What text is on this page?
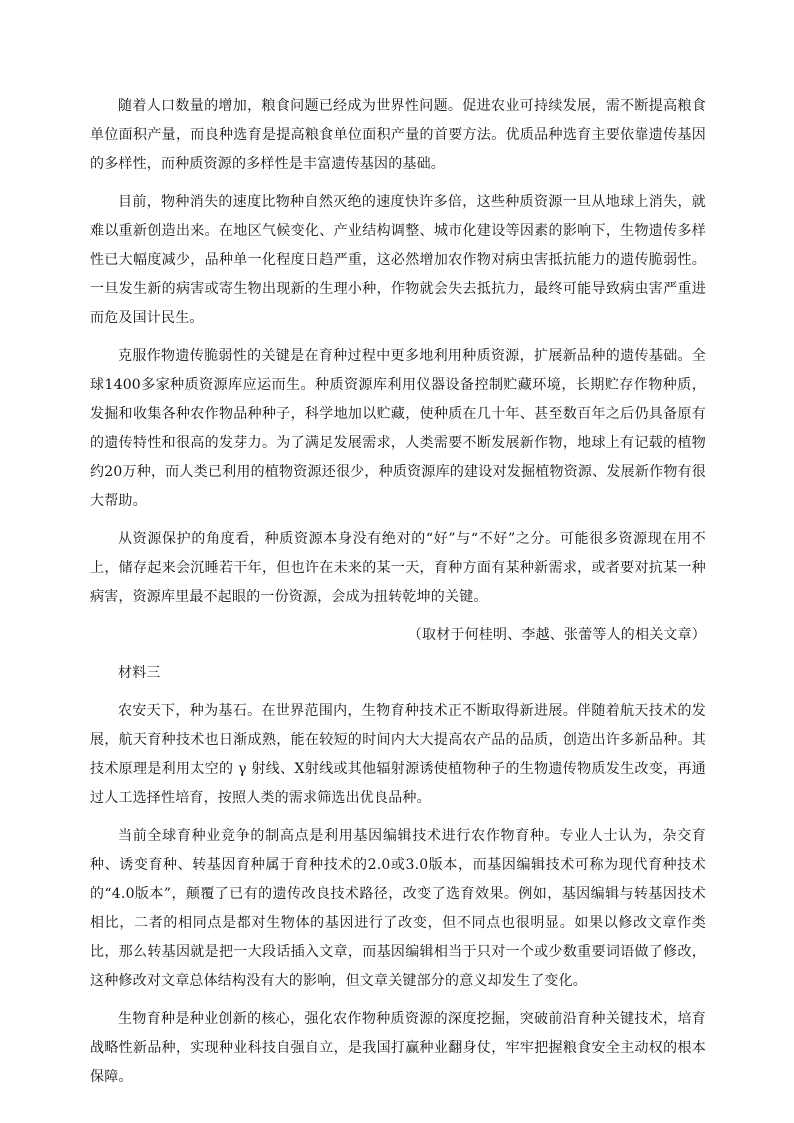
随着人口数量的增加，粮食问题已经成为世界性问题。促进农业可持续发展，需不断提高粮食单位面积产量，而良种选育是提高粮食单位面积产量的首要方法。优质品种选育主要依靠遗传基因的多样性，而种质资源的多样性是丰富遗传基因的基础。

目前，物种消失的速度比物种自然灭绝的速度快许多倍，这些种质资源一旦从地球上消失，就难以重新创造出来。在地区气候变化、产业结构调整、城市化建设等因素的影响下，生物遗传多样性已大幅度减少，品种单一化程度日趋严重，这必然增加农作物对病虫害抵抗能力的遗传脆弱性。一旦发生新的病害或寄生物出现新的生理小种，作物就会失去抵抗力，最终可能导致病虫害严重进而危及国计民生。

克服作物遗传脆弱性的关键是在育种过程中更多地利用种质资源，扩展新品种的遗传基础。全球1400多家种质资源库应运而生。种质资源库利用仪器设备控制贮藏环境，长期贮存作物种质，发掘和收集各种农作物品种种子，科学地加以贮藏，使种质在几十年、甚至数百年之后仍具备原有的遗传特性和很高的发芽力。为了满足发展需求，人类需要不断发展新作物，地球上有记载的植物约20万种，而人类已利用的植物资源还很少，种质资源库的建设对发掘植物资源、发展新作物有很大帮助。

从资源保护的角度看，种质资源本身没有绝对的“好”与“不好”之分。可能很多资源现在用不上，储存起来会沉睡若干年，但也许在未来的某一天，育种方面有某种新需求，或者要对抗某一种病害，资源库里最不起眼的一份资源，会成为扭转乾坤的关键。

（取材于何桂明、李越、张蕾等人的相关文章）

材料三

农安天下，种为基石。在世界范围内，生物育种技术正不断取得新进展。伴随着航天技术的发展，航天育种技术也日渐成熟，能在较短的时间内大大提高农产品的品质，创造出许多新品种。其技术原理是利用太空的 γ 射线、X射线或其他辐射源诱使植物种子的生物遗传物质发生改变，再通过人工选择性培育，按照人类的需求筛选出优良品种。

当前全球育种业竞争的制高点是利用基因编辑技术进行农作物育种。专业人士认为，杂交育种、诱变育种、转基因育种属于育种技术的2.0或3.0版本，而基因编辑技术可称为现代育种技术的“4.0版本”，颠覆了已有的遗传改良技术路径，改变了选育效果。例如，基因编辑与转基因技术相比，二者的相同点是都对生物体的基因进行了改变，但不同点也很明显。如果以修改文章作类比，那么转基因就是把一大段话插入文章，而基因编辑相当于只对一个或少数重要词语做了修改，这种修改对文章总体结构没有大的影响，但文章关键部分的意义却发生了变化。

生物育种是种业创新的核心，强化农作物种质资源的深度挖掘，突破前沿育种关键技术，培育战略性新品种，实现种业科技自强自立，是我国打赢种业翻身仗，牢牢把握粮食安全主动权的根本保障。
